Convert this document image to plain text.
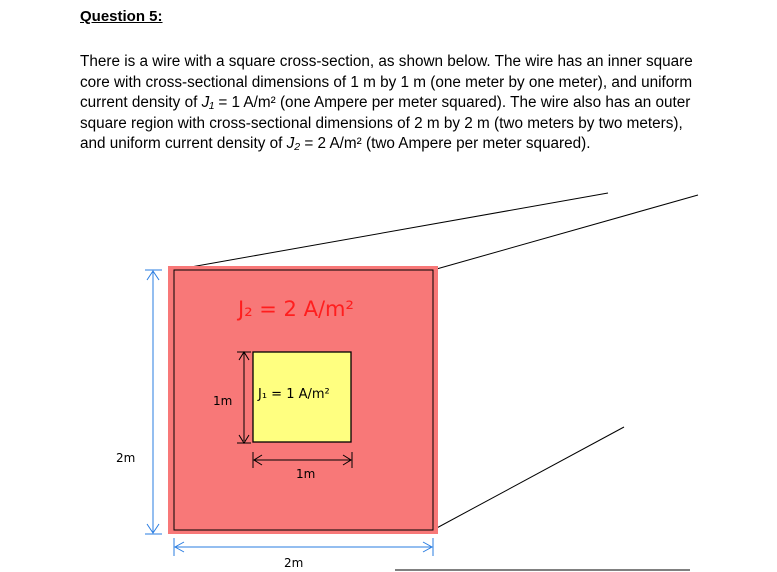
Question 5:

There is a wire with a square cross-section, as shown below. The wire has an inner square core with cross-sectional dimensions of 1 m by 1 m (one meter by one meter), and uniform current density of J₁ = 1 A/m² (one Ampere per meter squared). The wire also has an outer square region with cross-sectional dimensions of 2 m by 2 m (two meters by two meters), and uniform current density of J₂ = 2 A/m² (two Ampere per meter squared).

J₂ = 2 A/m²
J₁ = 1 A/m²
1m
1m
2m
2m
